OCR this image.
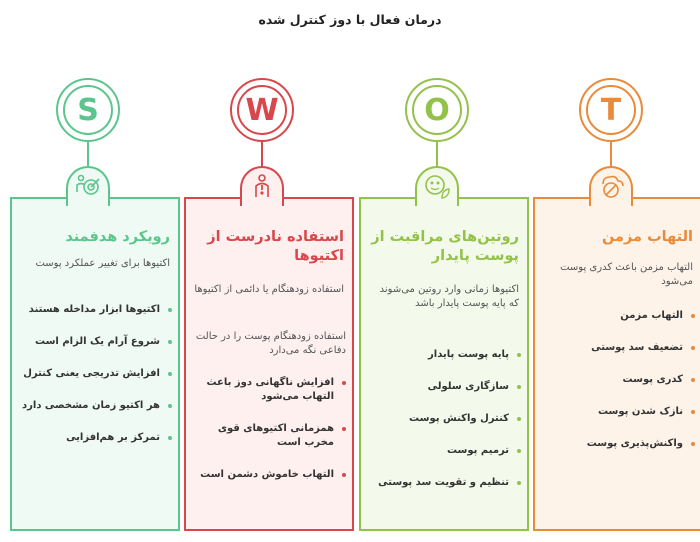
درمان فعال با دوز کنترل شده
S
رویکرد هدفمند
اکتیوها برای تغییر عملکرد پوست
اکتیوها ابزار مداخله هستند
شروع آرام یک الزام است
افزایش تدریجی یعنی کنترل
هر اکتیو زمان مشخصی دارد
تمرکز بر هم‌افزایی
W
استفاده نادرست از اکتیوها
استفاده زودهنگام یا دائمی از اکتیوها
استفاده زودهنگام پوست را در حالت دفاعی نگه می‌دارد
افزایش ناگهانی دوز باعث التهاب می‌شود
همزمانی اکتیوهای قوی مخرب است
التهاب خاموش دشمن است
O
روتین‌های مراقبت از پوست پایدار
اکتیوها زمانی وارد روتین می‌شوند که پایه پوست پایدار باشد
پایه پوست پایدار
سازگاری سلولی
کنترل واکنش پوست
ترمیم پوست
تنظیم و تقویت سد پوستی
T
التهاب مزمن
التهاب مزمن باعث کدری پوست می‌شود
التهاب مزمن
تضعیف سد پوستی
کدری پوست
نازک شدن پوست
واکنش‌پذیری پوست
